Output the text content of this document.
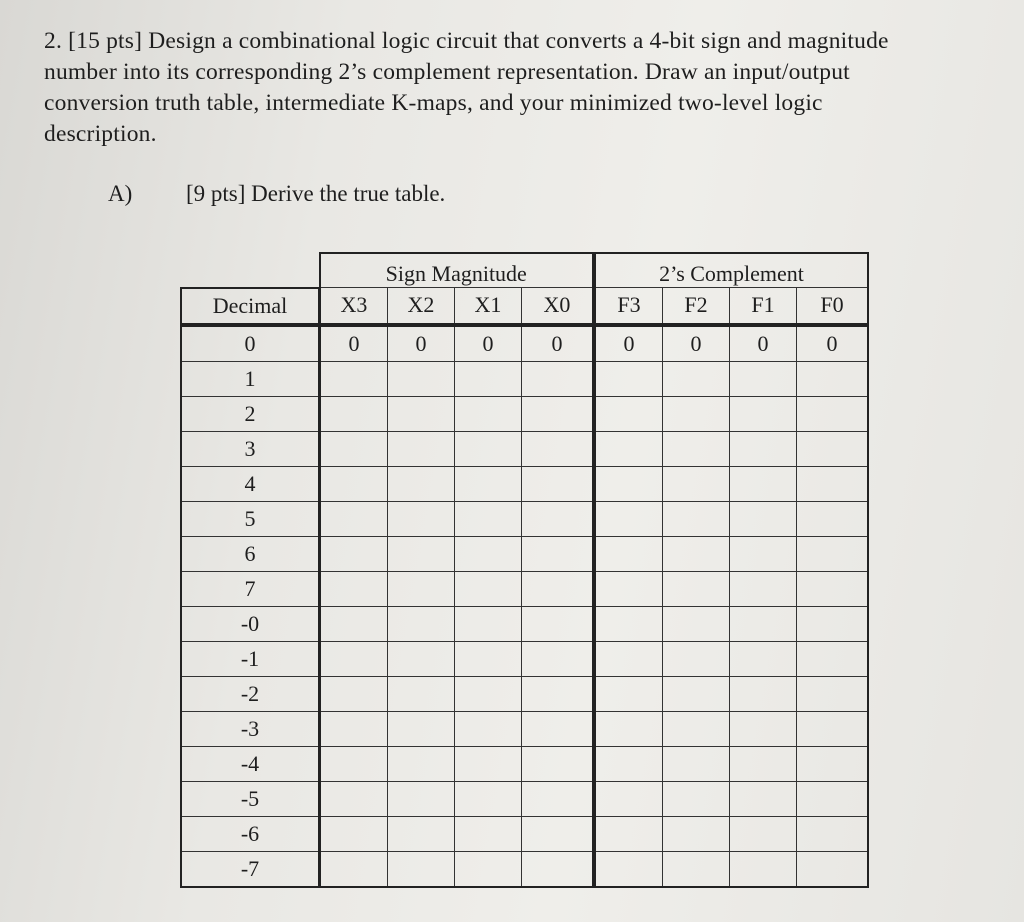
2. [15 pts] Design a combinational logic circuit that converts a 4-bit sign and magnitude
number into its corresponding 2’s complement representation. Draw an input/output
conversion truth table, intermediate K-maps, and your minimized two-level logic
description.
A) [9 pts] Derive the true table.
	Sign Magnitude				2’s Complement			
Decimal	X3	X2	X1	X0	F3	F2	F1	F0
0	0	0	0	0	0	0	0	0
1								
2								
3								
4								
5								
6								
7								
-0								
-1								
-2								
-3								
-4								
-5								
-6								
-7								
